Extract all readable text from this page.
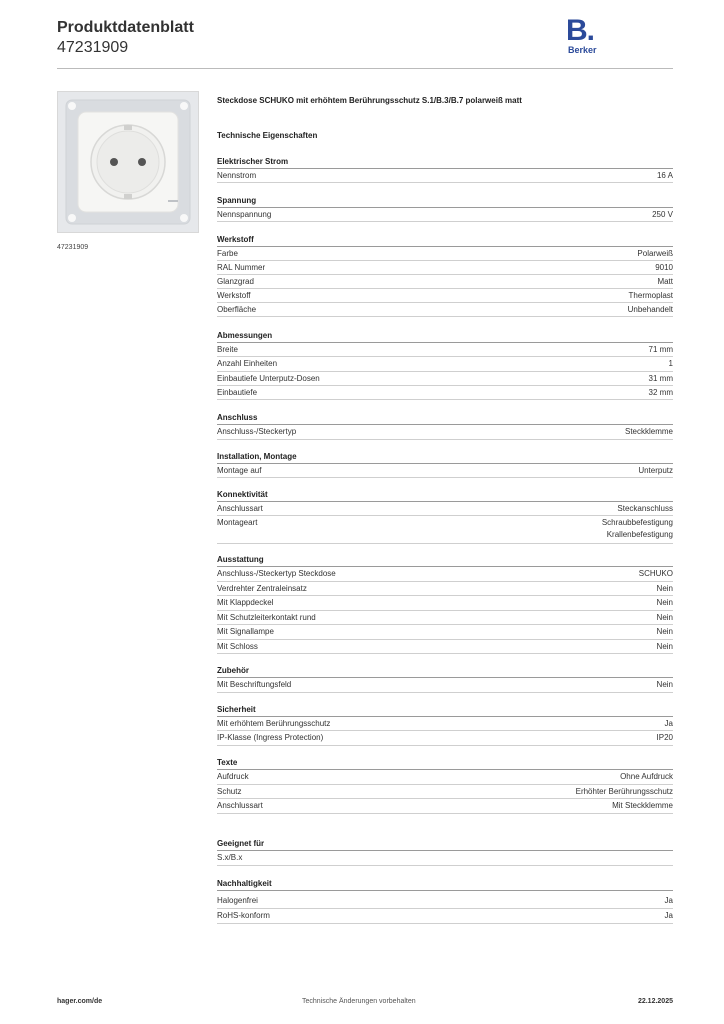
Produktdatenblatt
47231909
B.
Berker
47231909
Steckdose SCHUKO mit erhöhtem Berührungsschutz S.1/B.3/B.7 polarweiß matt
Technische Eigenschaften
Elektrischer Strom
Nennstrom	16 A
Spannung
Nennspannung	250 V
Werkstoff
Farbe	Polarweiß
RAL Nummer	9010
Glanzgrad	Matt
Werkstoff	Thermoplast
Oberfläche	Unbehandelt
Abmessungen
Breite	71 mm
Anzahl Einheiten	1
Einbautiefe Unterputz-Dosen	31 mm
Einbautiefe	32 mm
Anschluss
Anschluss-/Steckertyp	Steckklemme
Installation, Montage
Montage auf	Unterputz
Konnektivität
Anschlussart	Steckanschluss
Montageart	Schraubbefestigung
Krallenbefestigung
Ausstattung
Anschluss-/Steckertyp Steckdose	SCHUKO
Verdrehter Zentraleinsatz	Nein
Mit Klappdeckel	Nein
Mit Schutzleiterkontakt rund	Nein
Mit Signallampe	Nein
Mit Schloss	Nein
Zubehör
Mit Beschriftungsfeld	Nein
Sicherheit
Mit erhöhtem Berührungsschutz	Ja
IP-Klasse (Ingress Protection)	IP20
Texte
Aufdruck	Ohne Aufdruck
Schutz	Erhöhter Berührungsschutz
Anschlussart	Mit Steckklemme
Geeignet für
S.x/B.x
Nachhaltigkeit
Halogenfrei	Ja
RoHS-konform	Ja
hager.com/de	Technische Änderungen vorbehalten	22.12.2025
